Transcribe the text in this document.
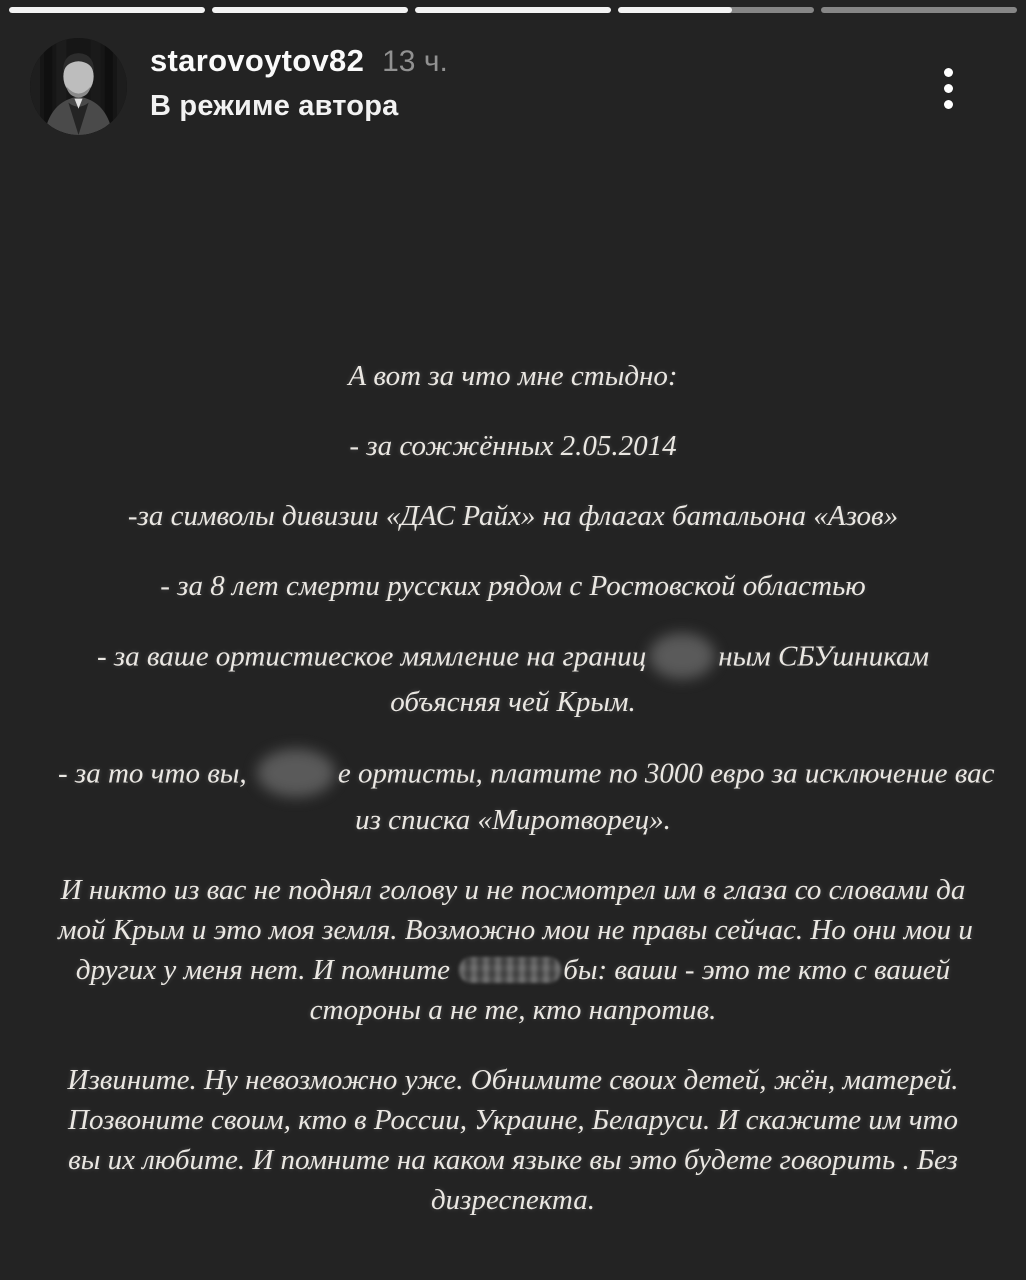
starovoytov82 13 ч.
В режиме автора
А вот за что мне стыдно:
- за сожжённых 2.05.2014
-за символы дивизии «ДАС Райх» на флагах батальона «Азов»
- за 8 лет смерти русских рядом с Ростовской областью
- за ваше ортистиеское мямление на границ ным СБУшникам
объясняя чей Крым.
- за то что вы,	е ортисты, платите по 3000 евро за исключение вас
из списка «Миротворец».
И никто из вас не поднял голову и не посмотрел им в глаза со словами да
мой Крым и это моя земля. Возможно мои не правы сейчас. Но они мои и
других у меня нет. И помните	бы: ваши - это те кто с вашей
стороны а не те, кто напротив.
Извините. Ну невозможно уже. Обнимите своих детей, жён, матерей.
Позвоните своим, кто в России, Украине, Беларуси. И скажите им что
вы их любите. И помните на каком языке вы это будете говорить . Без
дизреспекта.
